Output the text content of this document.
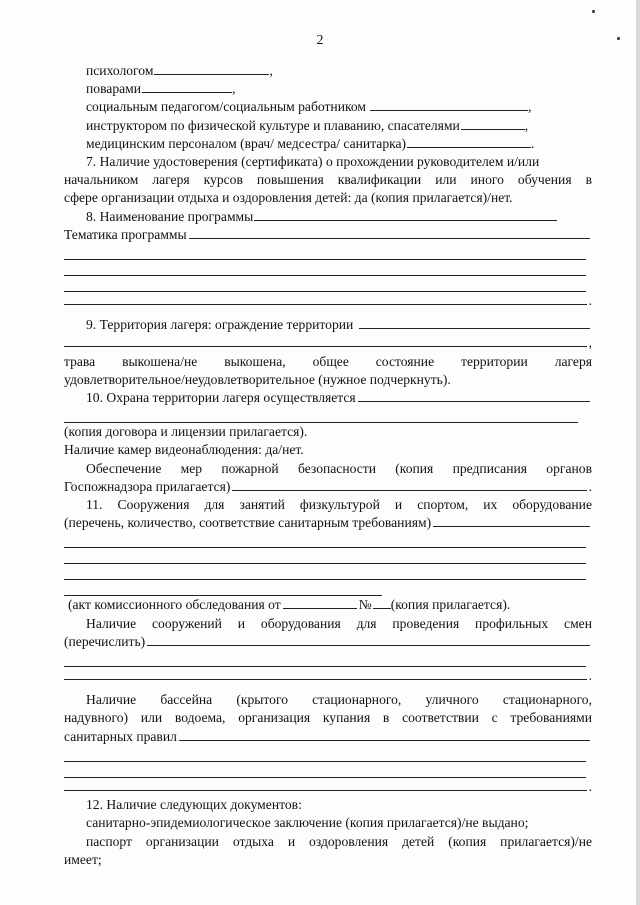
2
психологом	,
поварами	,
социальным педагогом/социальным работником	,
инструктором по физической культуре и плаванию, спасателями	,
медицинским персоналом (врач/ медсестра/ санитарка)	.
7. Наличие удостоверения (сертификата) о прохождении руководителем и/или
начальником лагеря курсов повышения квалификации или иного обучения в
сфере организации отдыха и оздоровления детей: да (копия прилагается)/нет.
8. Наименование программы
Тематика программы
.
9. Территория лагеря: ограждение территории
,
трава выкошена/не выкошена, общее состояние территории лагеря
удовлетворительное/неудовлетворительное (нужное подчеркнуть).
10. Охрана территории лагеря осуществляется
(копия договора и лицензии прилагается).
Наличие камер видеонаблюдения: да/нет.
Обеспечение мер пожарной безопасности (копия предписания органов
Госпожнадзора прилагается)	.
11. Сооружения для занятий физкультурой и спортом, их оборудование
(перечень, количество, соответствие санитарным требованиям)
(акт комиссионного обследования от	№ (копия прилагается).
Наличие сооружений и оборудования для проведения профильных смен
(перечислить)
.
Наличие бассейна (крытого стационарного, уличного стационарного,
надувного) или водоема, организация купания в соответствии с требованиями
санитарных правил
.
12. Наличие следующих документов:
санитарно-эпидемиологическое заключение (копия прилагается)/не выдано;
паспорт организации отдыха и оздоровления детей (копия прилагается)/не
имеет;
